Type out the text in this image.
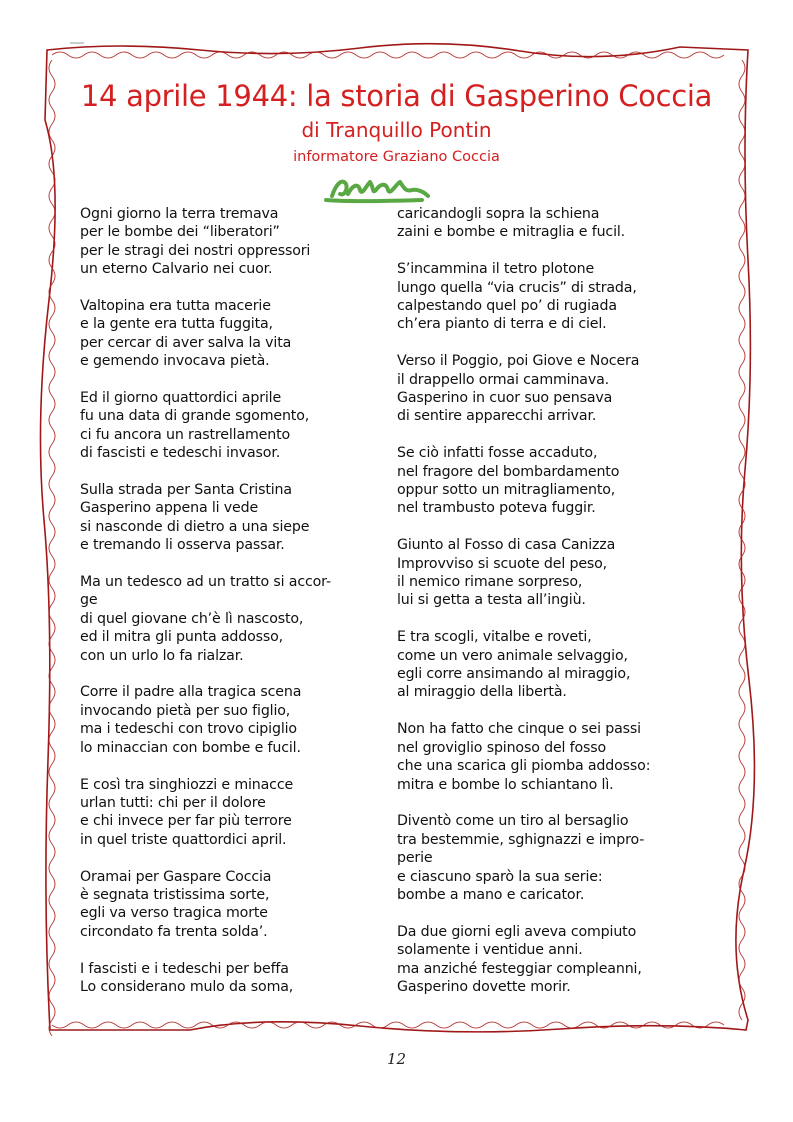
14 aprile 1944: la storia di Gasperino Coccia
di Tranquillo Pontin
informatore Graziano Coccia
Ogni giorno la terra tremava
per le bombe dei “liberatori”
per le stragi dei nostri oppressori
un eterno Calvario nei cuor.
Valtopina era tutta macerie
e la gente era tutta fuggita,
per cercar di aver salva la vita
e gemendo invocava pietà.
Ed il giorno quattordici aprile
fu una data di grande sgomento,
ci fu ancora un rastrellamento
di fascisti e tedeschi invasor.
Sulla strada per Santa Cristina
Gasperino appena li vede
si nasconde di dietro a una siepe
e tremando li osserva passar.
Ma un tedesco ad un tratto si accor-
ge
di quel giovane ch’è lì nascosto,
ed il mitra gli punta addosso,
con un urlo lo fa rialzar.
Corre il padre alla tragica scena
invocando pietà per suo figlio,
ma i tedeschi con trovo cipiglio
lo minaccian con bombe e fucil.
E così tra singhiozzi e minacce
urlan tutti: chi per il dolore
e chi invece per far più terrore
in quel triste quattordici april.
Oramai per Gaspare Coccia
è segnata tristissima sorte,
egli va verso tragica morte
circondato fa trenta solda’.
I fascisti e i tedeschi per beffa
Lo considerano mulo da soma,
caricandogli sopra la schiena
zaini e bombe e mitraglia e fucil.
S’incammina il tetro plotone
lungo quella “via crucis” di strada,
calpestando quel po’ di rugiada
ch’era pianto di terra e di ciel.
Verso il Poggio, poi Giove e Nocera
il drappello ormai camminava.
Gasperino in cuor suo pensava
di sentire apparecchi arrivar.
Se ciò infatti fosse accaduto,
nel fragore del bombardamento
oppur sotto un mitragliamento,
nel trambusto poteva fuggir.
Giunto al Fosso di casa Canizza
Improvviso si scuote del peso,
il nemico rimane sorpreso,
lui si getta a testa all’ingiù.
E tra scogli, vitalbe e roveti,
come un vero animale selvaggio,
egli corre ansimando al miraggio,
al miraggio della libertà.
Non ha fatto che cinque o sei passi
nel groviglio spinoso del fosso
che una scarica gli piomba addosso:
mitra e bombe lo schiantano lì.
Diventò come un tiro al bersaglio
tra bestemmie, sghignazzi e impro-
perie
e ciascuno sparò la sua serie:
bombe a mano e caricator.
Da due giorni egli aveva compiuto
solamente i ventidue anni.
ma anziché festeggiar compleanni,
Gasperino dovette morir.
12
